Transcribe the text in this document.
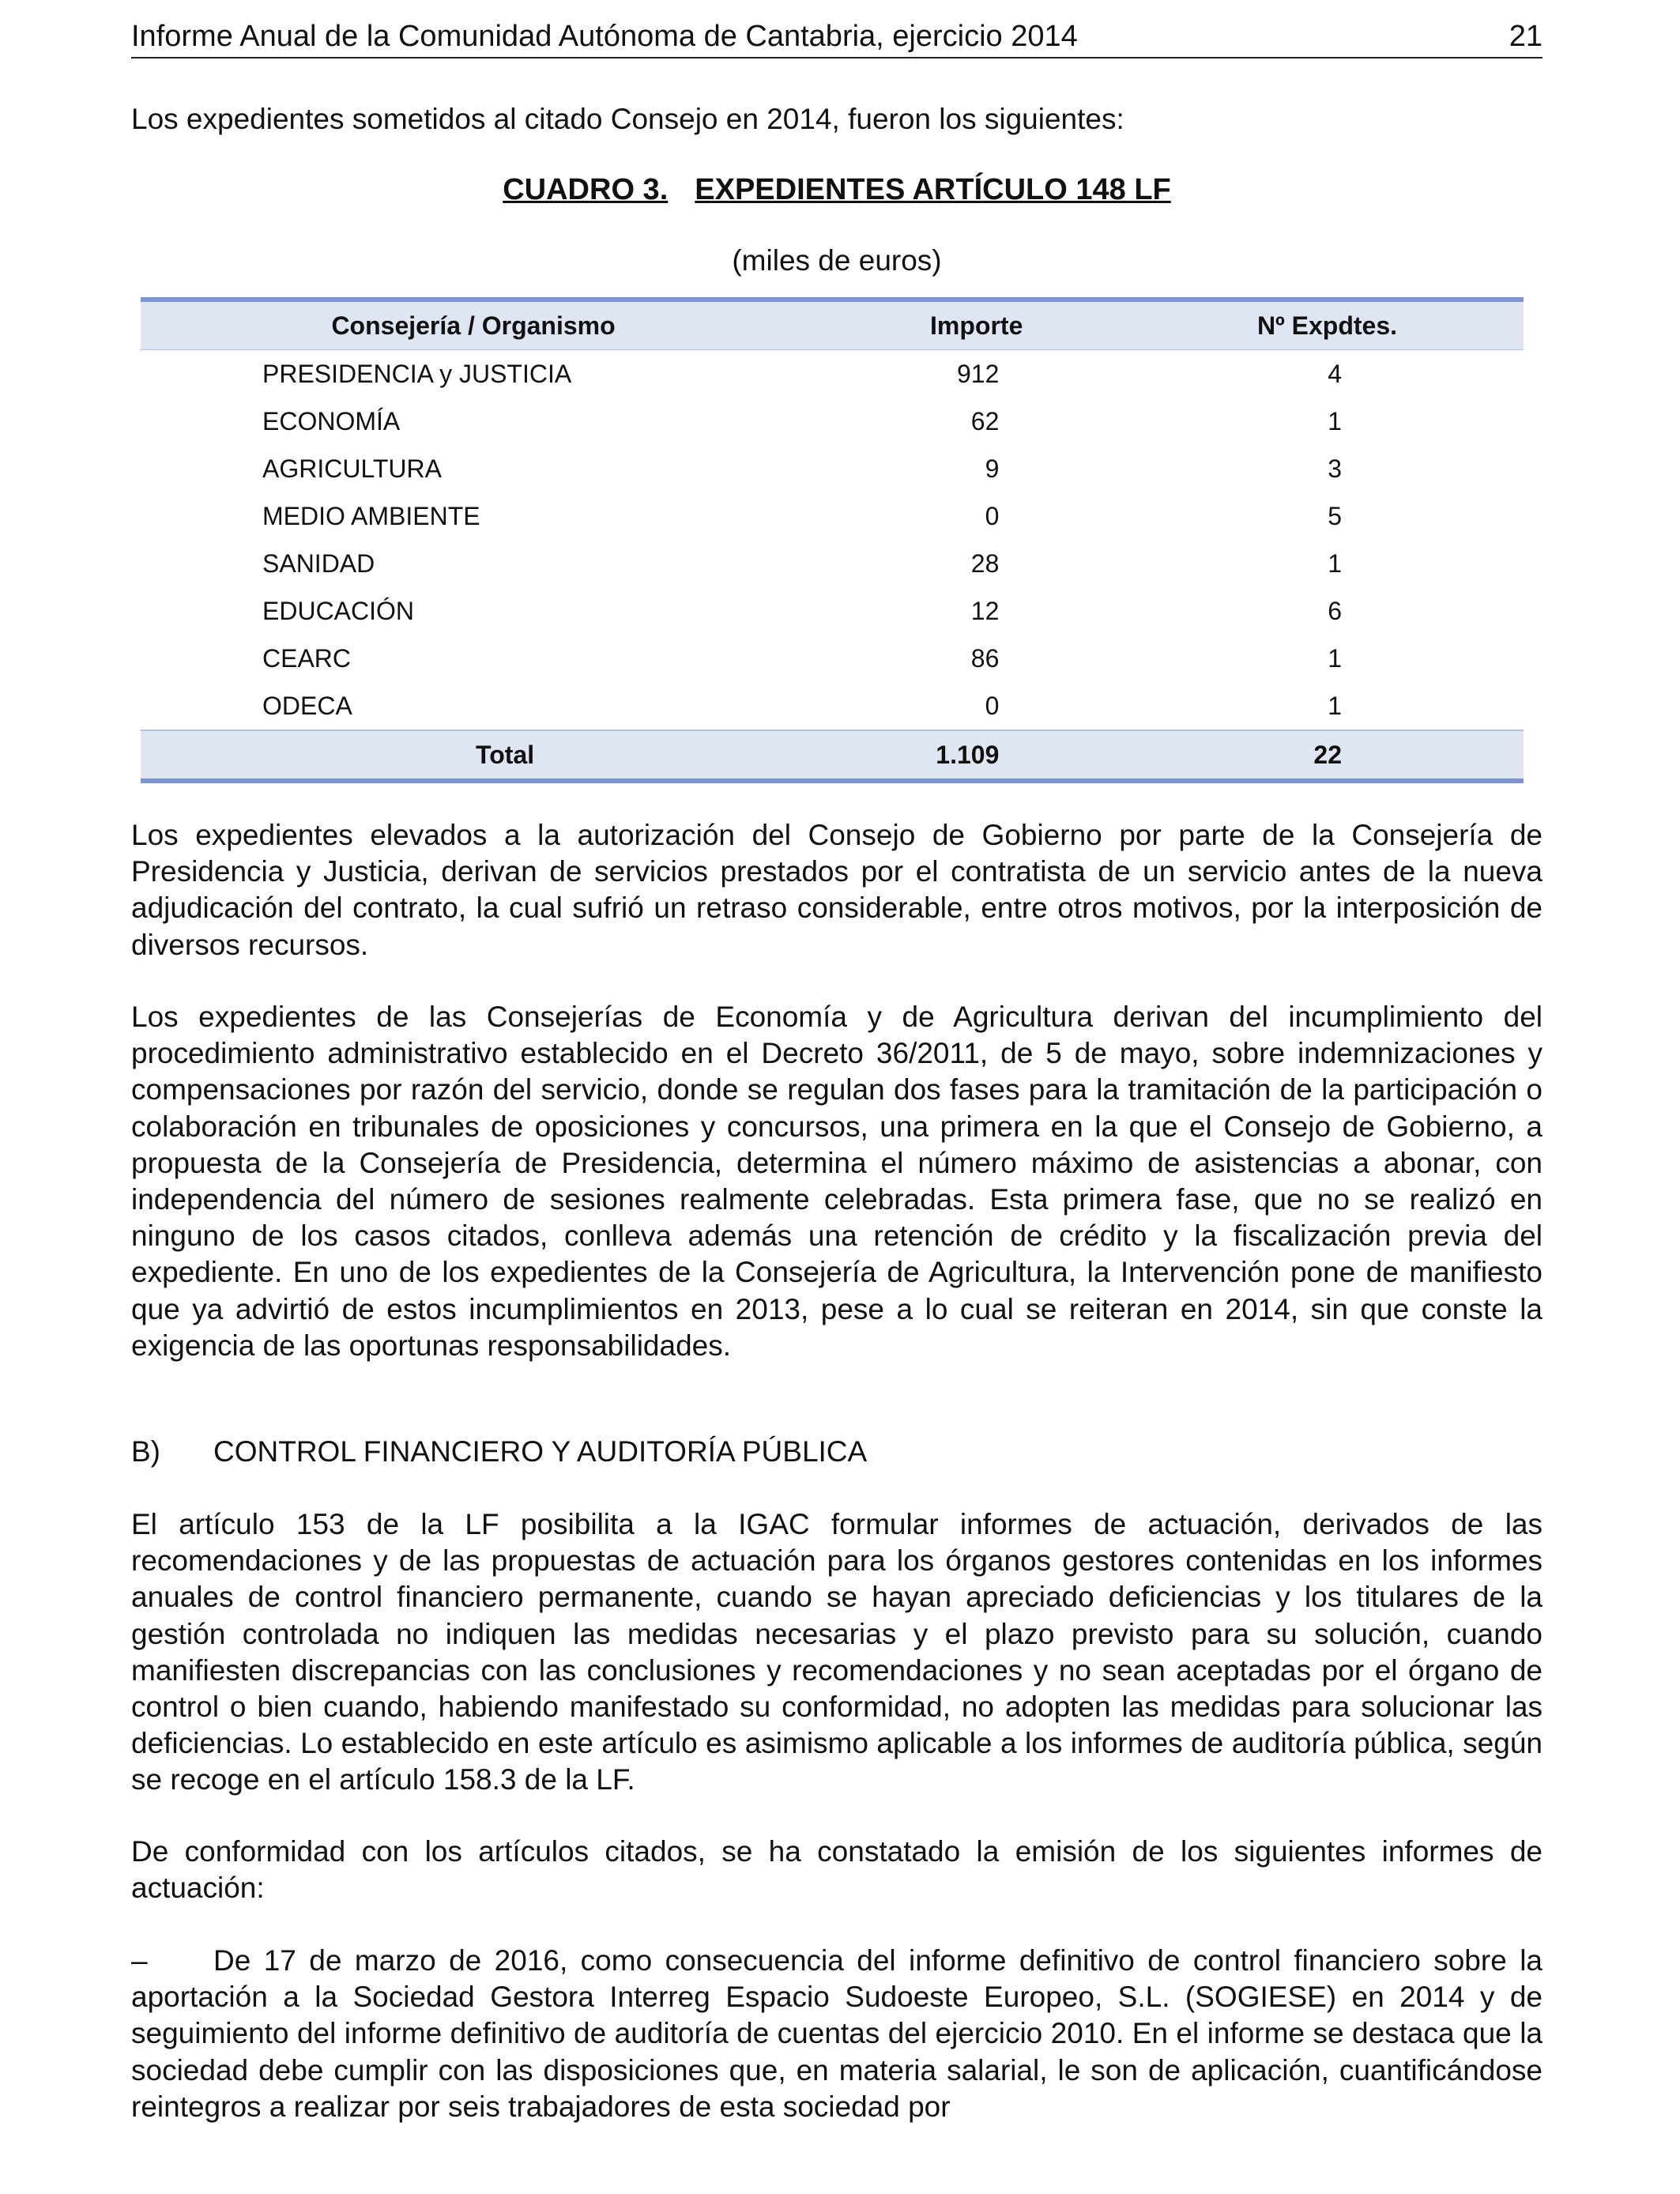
Informe Anual de la Comunidad Autónoma de Cantabria, ejercicio 2014	21

Los expedientes sometidos al citado Consejo en 2014, fueron los siguientes:

CUADRO 3. EXPEDIENTES ARTÍCULO 148 LF
(miles de euros)
Consejería / Organismo	Importe	Nº Expdtes.
PRESIDENCIA y JUSTICIA	912	4
ECONOMÍA	62	1
AGRICULTURA	9	3
MEDIO AMBIENTE	0	5
SANIDAD	28	1
EDUCACIÓN	12	6
CEARC	86	1
ODECA	0	1
Total	1.109	22

Los expedientes elevados a la autorización del Consejo de Gobierno por parte de la Consejería de Presidencia y Justicia, derivan de servicios prestados por el contratista de un servicio antes de la nueva adjudicación del contrato, la cual sufrió un retraso considerable, entre otros motivos, por la interposición de diversos recursos.

Los expedientes de las Consejerías de Economía y de Agricultura derivan del incumplimiento del procedimiento administrativo establecido en el Decreto 36/2011, de 5 de mayo, sobre indemnizaciones y compensaciones por razón del servicio, donde se regulan dos fases para la tramitación de la participación o colaboración en tribunales de oposiciones y concursos, una primera en la que el Consejo de Gobierno, a propuesta de la Consejería de Presidencia, determina el número máximo de asistencias a abonar, con independencia del número de sesiones realmente celebradas. Esta primera fase, que no se realizó en ninguno de los casos citados, conlleva además una retención de crédito y la fiscalización previa del expediente. En uno de los expedientes de la Consejería de Agricultura, la Intervención pone de manifiesto que ya advirtió de estos incumplimientos en 2013, pese a lo cual se reiteran en 2014, sin que conste la exigencia de las oportunas responsabilidades.

B)	CONTROL FINANCIERO Y AUDITORÍA PÚBLICA

El artículo 153 de la LF posibilita a la IGAC formular informes de actuación, derivados de las recomendaciones y de las propuestas de actuación para los órganos gestores contenidas en los informes anuales de control financiero permanente, cuando se hayan apreciado deficiencias y los titulares de la gestión controlada no indiquen las medidas necesarias y el plazo previsto para su solución, cuando manifiesten discrepancias con las conclusiones y recomendaciones y no sean aceptadas por el órgano de control o bien cuando, habiendo manifestado su conformidad, no adopten las medidas para solucionar las deficiencias. Lo establecido en este artículo es asimismo aplicable a los informes de auditoría pública, según se recoge en el artículo 158.3 de la LF.

De conformidad con los artículos citados, se ha constatado la emisión de los siguientes informes de actuación:

– De 17 de marzo de 2016, como consecuencia del informe definitivo de control financiero sobre la aportación a la Sociedad Gestora Interreg Espacio Sudoeste Europeo, S.L. (SOGIESE) en 2014 y de seguimiento del informe definitivo de auditoría de cuentas del ejercicio 2010. En el informe se destaca que la sociedad debe cumplir con las disposiciones que, en materia salarial, le son de aplicación, cuantificándose reintegros a realizar por seis trabajadores de esta sociedad por
